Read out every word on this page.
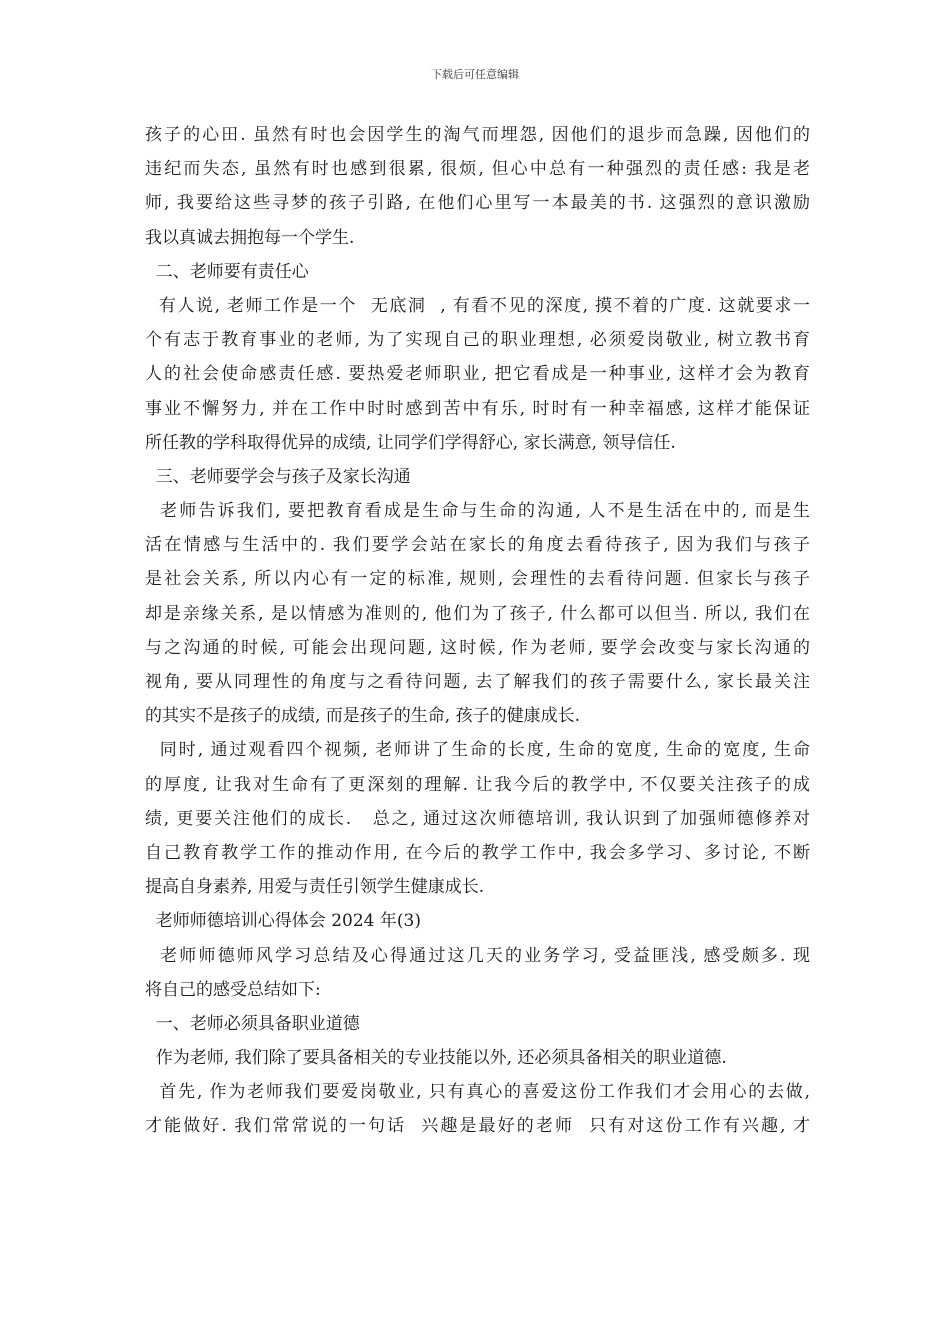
下载后可任意编辑
孩子的心田. 虽然有时也会因学生的淘气而埋怨, 因他们的退步而急躁, 因他们的
违纪而失态, 虽然有时也感到很累, 很烦, 但心中总有一种强烈的责任感: 我是老
师, 我要给这些寻梦的孩子引路, 在他们心里写一本最美的书. 这强烈的意识激励
我以真诚去拥抱每一个学生.
二、老师要有责任心
有人说, 老师工作是一个  无底洞  , 有看不见的深度, 摸不着的广度. 这就要求一
个有志于教育事业的老师, 为了实现自己的职业理想, 必须爱岗敬业, 树立教书育
人的社会使命感责任感. 要热爱老师职业, 把它看成是一种事业, 这样才会为教育
事业不懈努力, 并在工作中时时感到苦中有乐, 时时有一种幸福感, 这样才能保证
所任教的学科取得优异的成绩, 让同学们学得舒心, 家长满意, 领导信任.
三、老师要学会与孩子及家长沟通
老师告诉我们, 要把教育看成是生命与生命的沟通, 人不是生活在中的, 而是生
活在情感与生活中的. 我们要学会站在家长的角度去看待孩子, 因为我们与孩子
是社会关系, 所以内心有一定的标准, 规则, 会理性的去看待问题. 但家长与孩子
却是亲缘关系, 是以情感为准则的, 他们为了孩子, 什么都可以但当. 所以, 我们在
与之沟通的时候, 可能会出现问题, 这时候, 作为老师, 要学会改变与家长沟通的
视角, 要从同理性的角度与之看待问题, 去了解我们的孩子需要什么, 家长最关注
的其实不是孩子的成绩, 而是孩子的生命, 孩子的健康成长.
同时, 通过观看四个视频, 老师讲了生命的长度, 生命的宽度, 生命的宽度, 生命
的厚度, 让我对生命有了更深刻的理解. 让我今后的教学中, 不仅要关注孩子的成
绩, 更要关注他们的成长.   总之, 通过这次师德培训, 我认识到了加强师德修养对
自己教育教学工作的推动作用, 在今后的教学工作中, 我会多学习、多讨论, 不断
提高自身素养, 用爱与责任引领学生健康成长.
老师师德培训心得体会 2024 年(3)
老师师德师风学习总结及心得通过这几天的业务学习, 受益匪浅, 感受颇多. 现
将自己的感受总结如下:
一、老师必须具备职业道德
作为老师, 我们除了要具备相关的专业技能以外, 还必须具备相关的职业道德.
首先, 作为老师我们要爱岗敬业, 只有真心的喜爱这份工作我们才会用心的去做,
才能做好. 我们常常说的一句话  兴趣是最好的老师  只有对这份工作有兴趣, 才
